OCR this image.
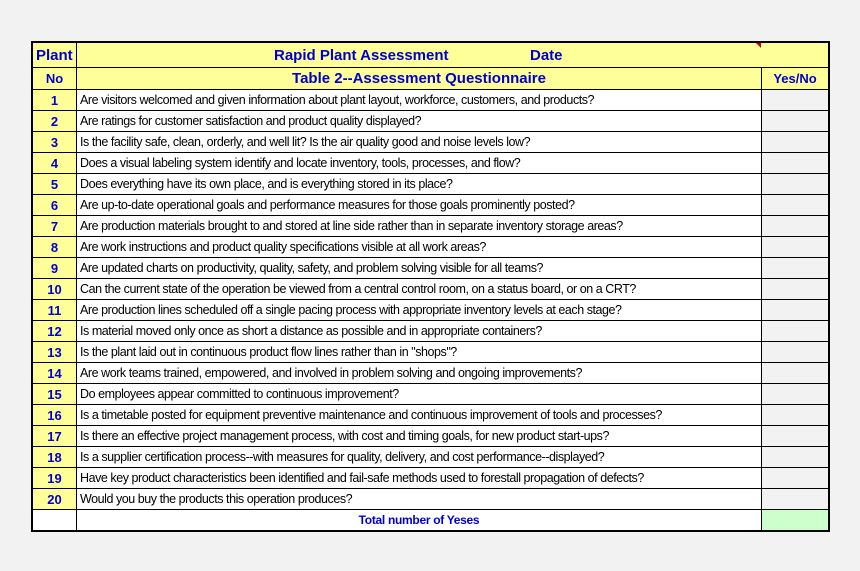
Plant	Rapid Plant Assessment Date	

No	Table 2--Assessment Questionnaire	Yes/No
1	Are visitors welcomed and given information about plant layout, workforce, customers, and products?	
2	Are ratings for customer satisfaction and product quality displayed?	
3	Is the facility safe, clean, orderly, and well lit? Is the air quality good and noise levels low?	
4	Does a visual labeling system identify and locate inventory, tools, processes, and flow?	
5	Does everything have its own place, and is everything stored in its place?	
6	Are up-to-date operational goals and performance measures for those goals prominently posted?	
7	Are production materials brought to and stored at line side rather than in separate inventory storage areas?	
8	Are work instructions and product quality specifications visible at all work areas?	
9	Are updated charts on productivity, quality, safety, and problem solving visible for all teams?	
10	Can the current state of the operation be viewed from a central control room, on a status board, or on a CRT?	
11	Are production lines scheduled off a single pacing process with appropriate inventory levels at each stage?	
12	Is material moved only once as short a distance as possible and in appropriate containers?	
13	Is the plant laid out in continuous product flow lines rather than in "shops"?	
14	Are work teams trained, empowered, and involved in problem solving and ongoing improvements?	
15	Do employees appear committed to continuous improvement?	
16	Is a timetable posted for equipment preventive maintenance and continuous improvement of tools and processes?	
17	Is there an effective project management process, with cost and timing goals, for new product start-ups?	
18	Is a supplier certification process--with measures for quality, delivery, and cost performance--displayed?	
19	Have key product characteristics been identified and fail-safe methods used to forestall propagation of defects?	
20	Would you buy the products this operation produces?	
	Total number of Yeses	
